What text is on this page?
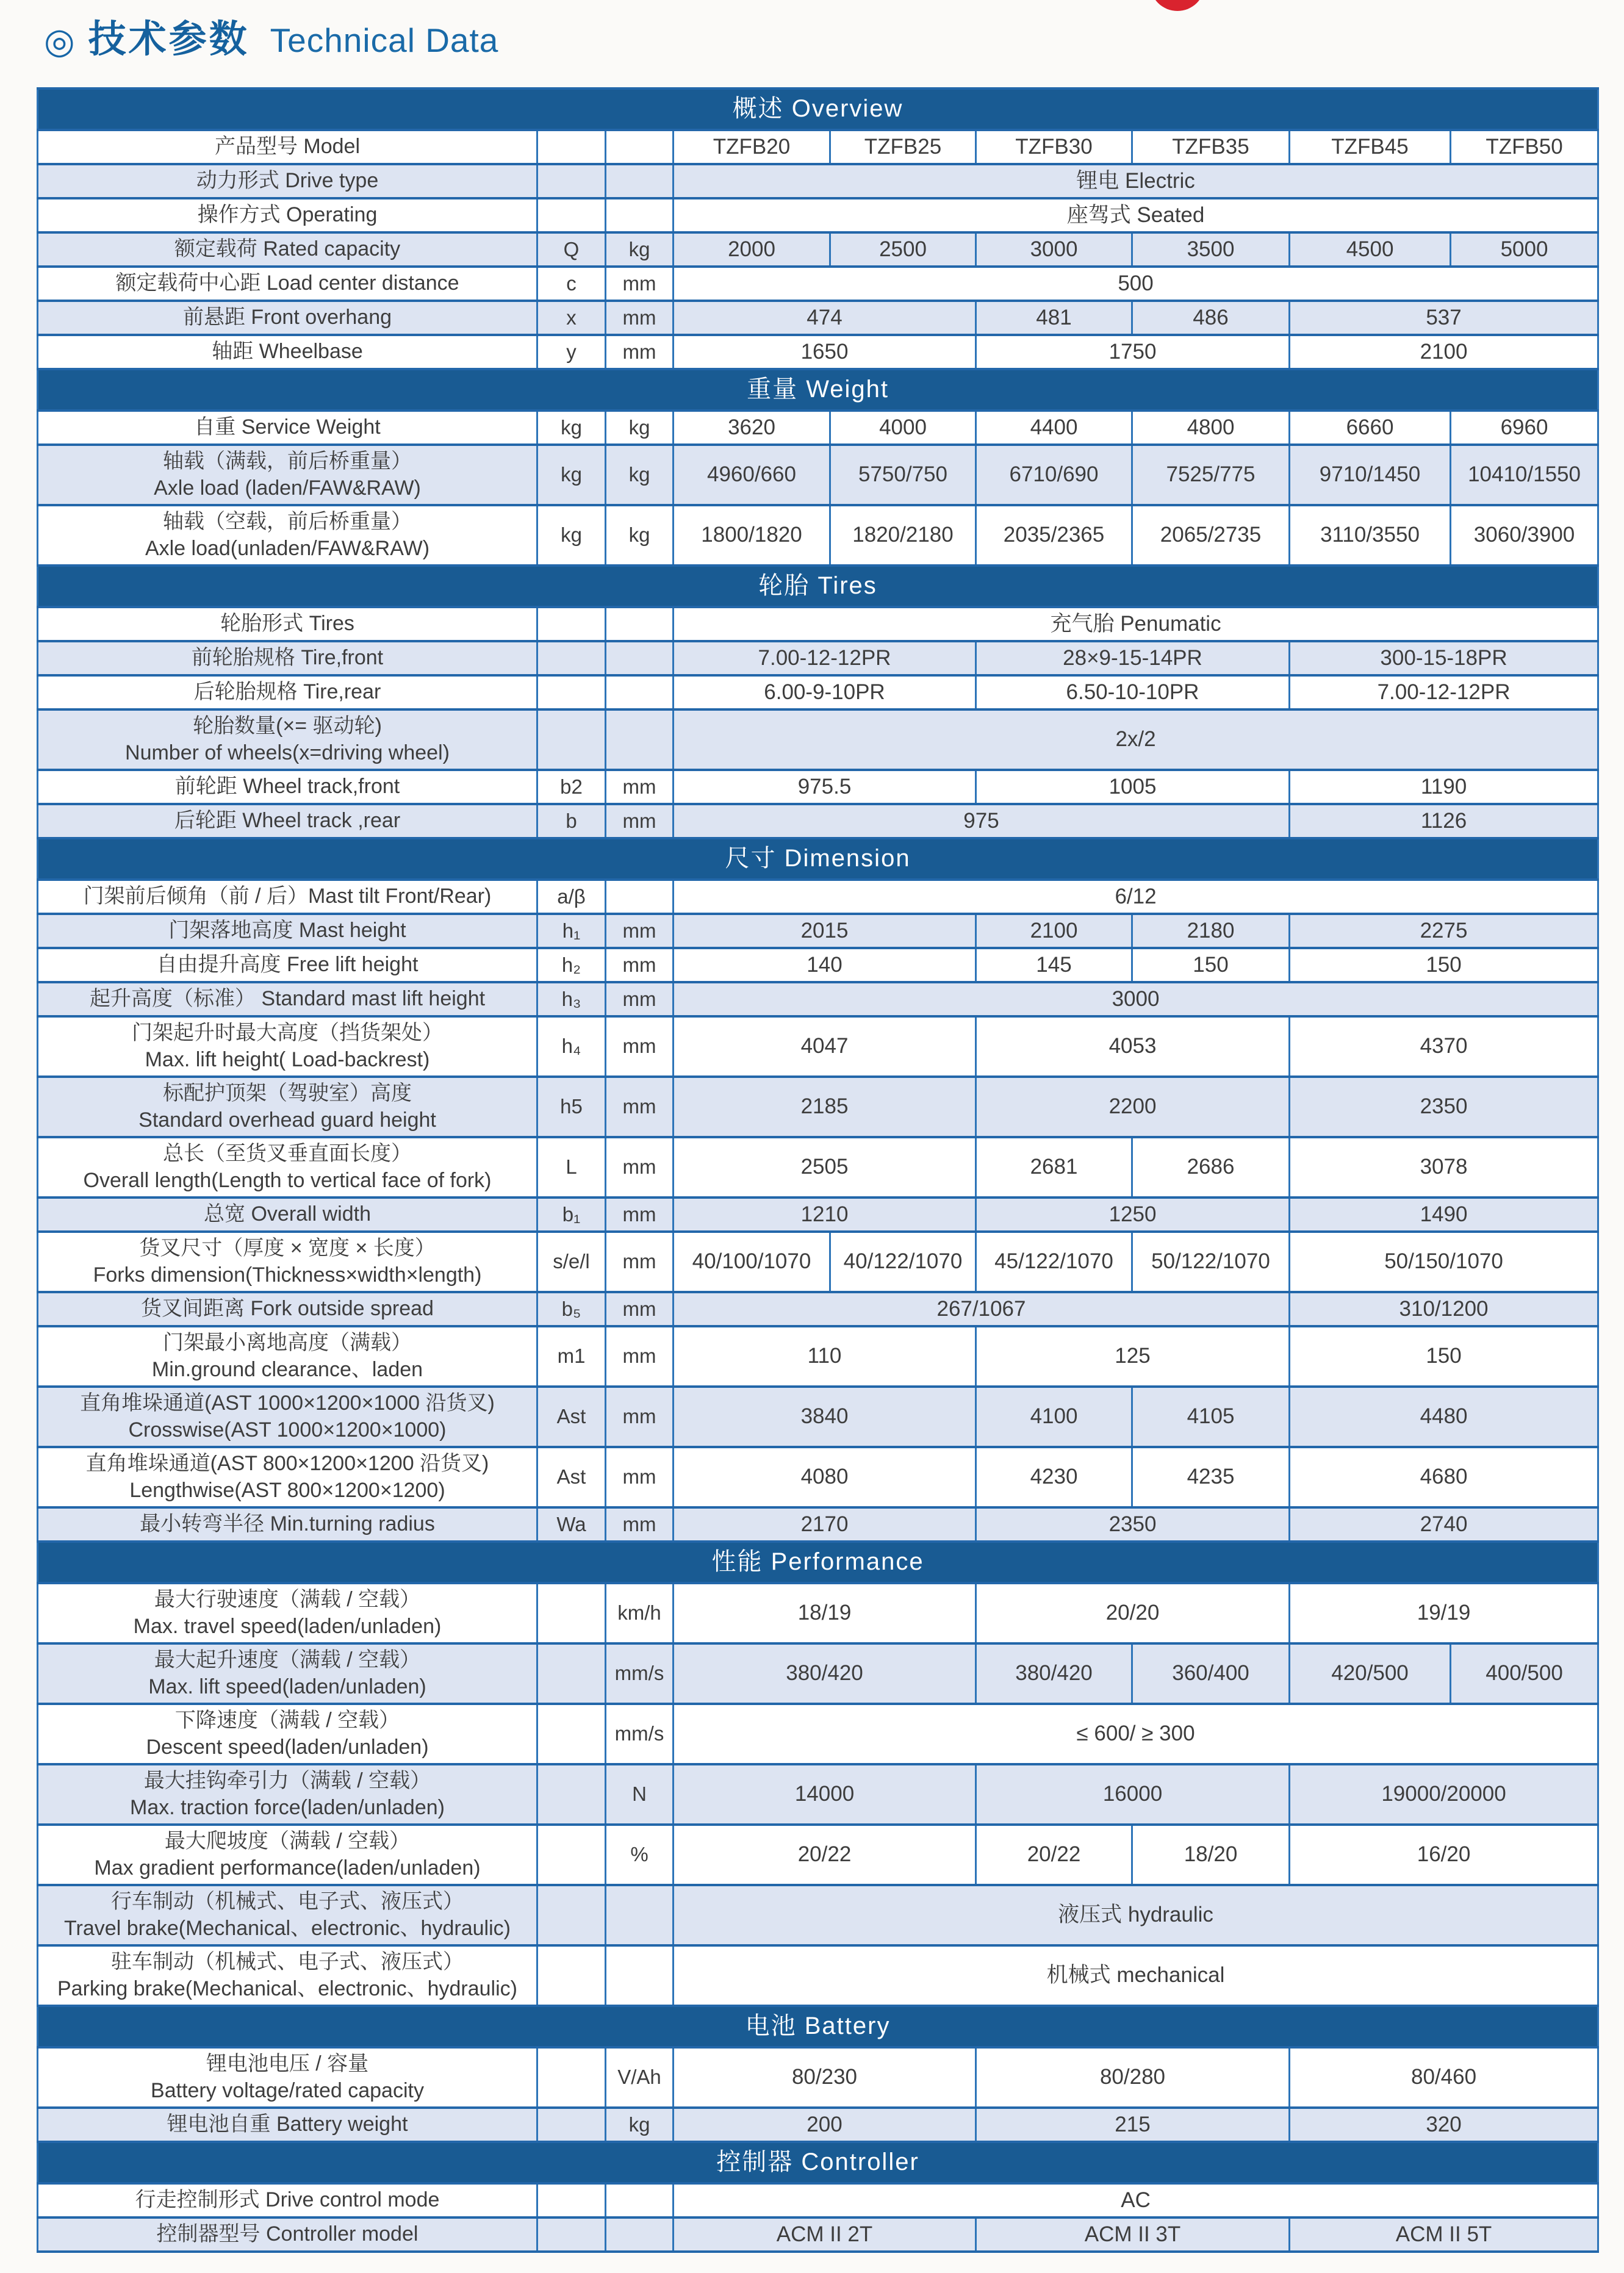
◎ 技术参数 Technical Data
概述 Overview								
产品型号 Model			TZFB20	TZFB25	TZFB30	TZFB35	TZFB45	TZFB50
动力形式 Drive type			锂电 Electric					
操作方式 Operating			座驾式 Seated					
额定载荷 Rated capacity	Q	kg	2000	2500	3000	3500	4500	5000
额定载荷中心距 Load center distance	c	mm	500					
前悬距 Front overhang	x	mm	474		481	486	537	
轴距 Wheelbase	y	mm	1650		1750		2100	
重量 Weight								
自重 Service Weight	kg	kg	3620	4000	4400	4800	6660	6960
轴载（满载，前后桥重量）
Axle load (laden/FAW&RAW)	kg	kg	4960/660	5750/750	6710/690	7525/775	9710/1450	10410/1550
轴载（空载，前后桥重量）
Axle load(unladen/FAW&RAW)	kg	kg	1800/1820	1820/2180	2035/2365	2065/2735	3110/3550	3060/3900
轮胎 Tires								
轮胎形式 Tires			充气胎 Penumatic					
前轮胎规格 Tire,front			7.00-12-12PR		28×9-15-14PR		300-15-18PR	
后轮胎规格 Tire,rear			6.00-9-10PR		6.50-10-10PR		7.00-12-12PR	
轮胎数量(×= 驱动轮)
Number of wheels(x=driving wheel)			2x/2					
前轮距 Wheel track,front	b2	mm	975.5		1005		1190	
后轮距 Wheel track ,rear	b	mm	975				1126	
尺寸 Dimension								
门架前后倾角（前 / 后）Mast tilt Front/Rear)	a/β		6/12					
门架落地高度 Mast height	h₁	mm	2015		2100	2180	2275	
自由提升高度 Free lift height	h₂	mm	140		145	150	150	
起升高度（标准） Standard mast lift height	h₃	mm	3000					
门架起升时最大高度（挡货架处）
Max. lift height( Load-backrest)	h₄	mm	4047		4053		4370	
标配护顶架（驾驶室）高度
Standard overhead guard height	h5	mm	2185		2200		2350	
总长（至货叉垂直面长度）
Overall length(Length to vertical face of fork)	L	mm	2505		2681	2686	3078	
总宽 Overall width	b₁	mm	1210		1250		1490	
货叉尺寸（厚度 × 宽度 × 长度）
Forks dimension(Thickness×width×length)	s/e/l	mm	40/100/1070	40/122/1070	45/122/1070	50/122/1070	50/150/1070	
货叉间距离 Fork outside spread	b₅	mm	267/1067				310/1200	
门架最小离地高度（满载）
Min.ground clearance、laden	m1	mm	110		125		150	
直角堆垛通道(AST 1000×1200×1000 沿货叉)
Crosswise(AST 1000×1200×1000)	Ast	mm	3840		4100	4105	4480	
直角堆垛通道(AST 800×1200×1200 沿货叉)
Lengthwise(AST 800×1200×1200)	Ast	mm	4080		4230	4235	4680	
最小转弯半径 Min.turning radius	Wa	mm	2170		2350		2740	
性能 Performance								
最大行驶速度（满载 / 空载）
Max. travel speed(laden/unladen)		km/h	18/19		20/20		19/19	
最大起升速度（满载 / 空载）
Max. lift speed(laden/unladen)		mm/s	380/420		380/420	360/400	420/500	400/500
下降速度（满载 / 空载）
Descent speed(laden/unladen)		mm/s	≤ 600/ ≥ 300					
最大挂钩牵引力（满载 / 空载）
Max. traction force(laden/unladen)		N	14000		16000		19000/20000	
最大爬坡度（满载 / 空载）
Max gradient performance(laden/unladen)		%	20/22		20/22	18/20	16/20	
行车制动（机械式、电子式、液压式）
Travel brake(Mechanical、electronic、hydraulic)			液压式 hydraulic					
驻车制动（机械式、电子式、液压式）
Parking brake(Mechanical、electronic、hydraulic)			机械式 mechanical					
电池 Battery								
锂电池电压 / 容量
Battery voltage/rated capacity		V/Ah	80/230		80/280		80/460	
锂电池自重 Battery weight		kg	200		215		320	
控制器 Controller								
行走控制形式 Drive control mode			AC					
控制器型号 Controller model			ACM II 2T		ACM II 3T		ACM II 5T	
